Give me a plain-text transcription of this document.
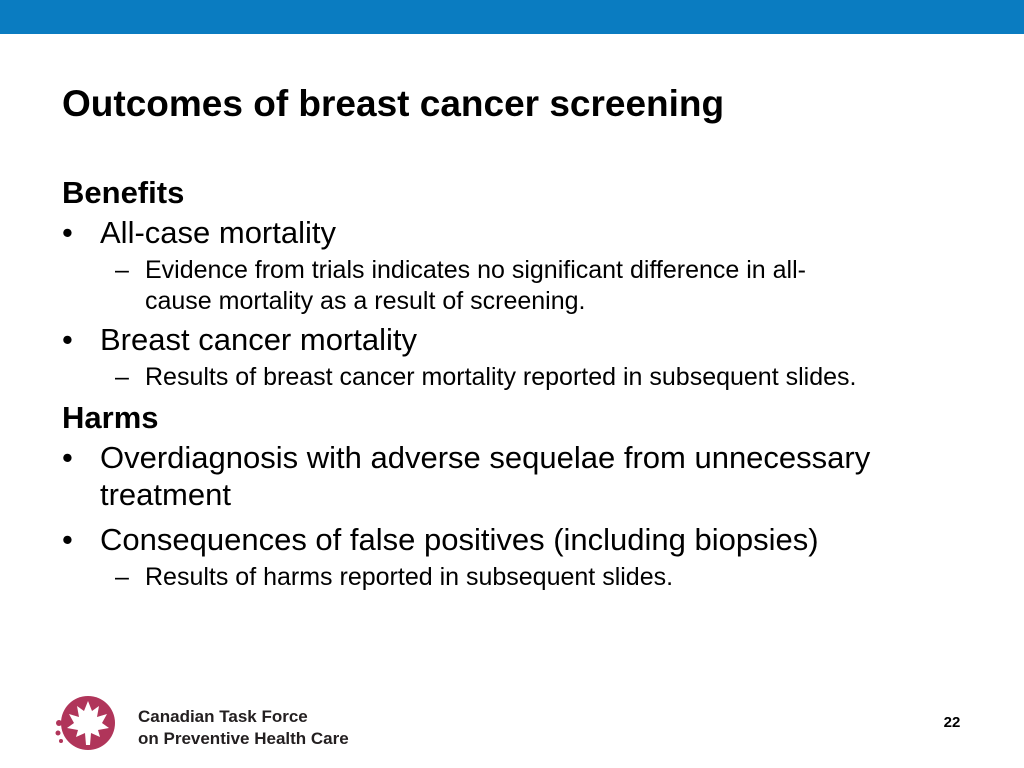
Outcomes of breast cancer screening

Benefits

• All-case mortality

– Evidence from trials indicates no significant difference in all-
cause mortality as a result of screening.

• Breast cancer mortality

– Results of breast cancer mortality reported in subsequent slides.

Harms

• Overdiagnosis with adverse sequelae from unnecessary
treatment

• Consequences of false positives (including biopsies)

– Results of harms reported in subsequent slides.

Canadian Task Force
on Preventive Health Care
22
